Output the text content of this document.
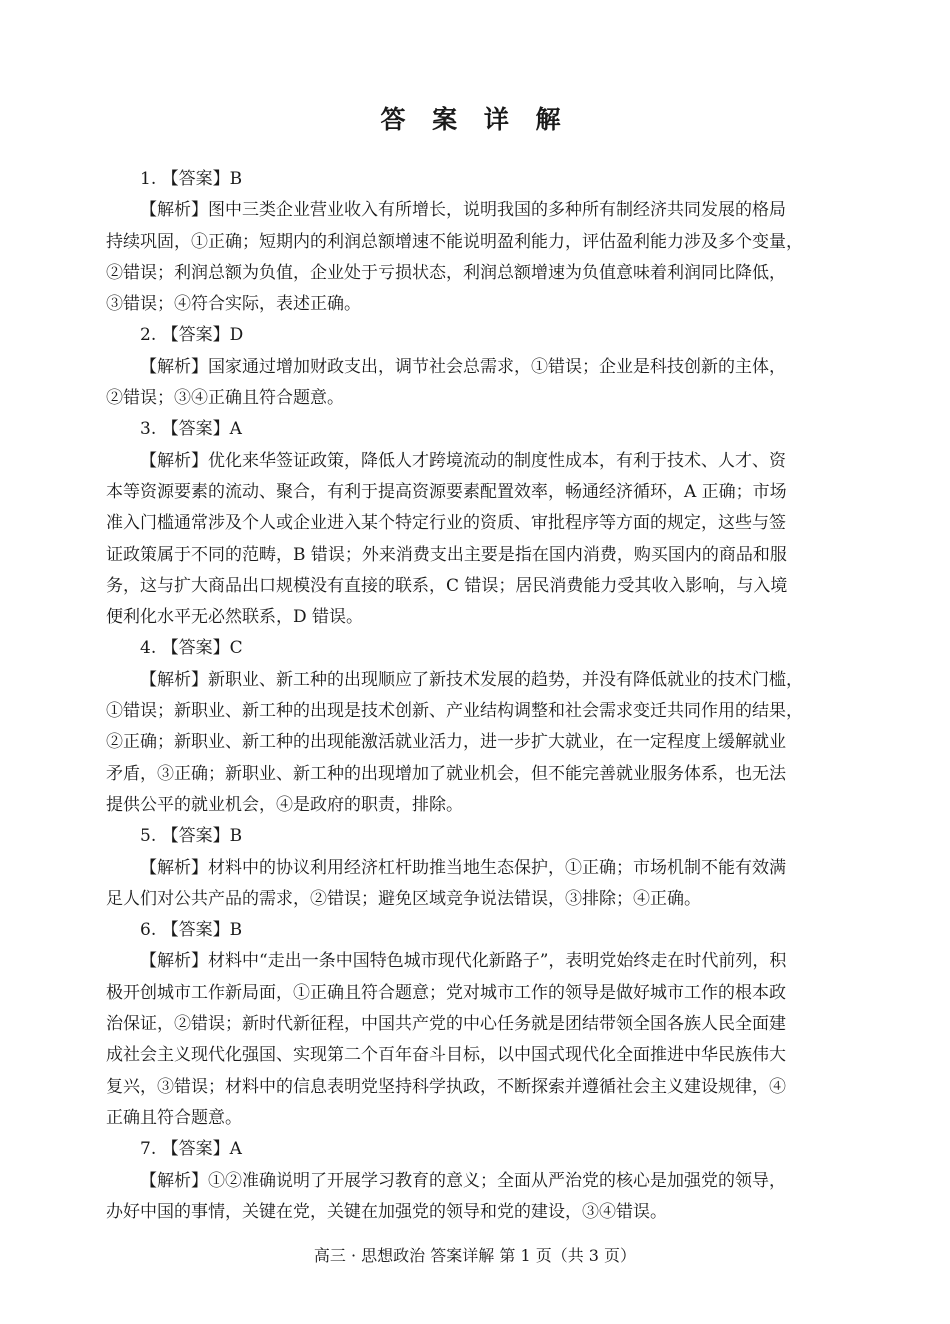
答 案 详 解
1. 【答案】B
【解析】图中三类企业营业收入有所增长，说明我国的多种所有制经济共同发展的格局
持续巩固，①正确；短期内的利润总额增速不能说明盈利能力，评估盈利能力涉及多个变量，
②错误；利润总额为负值，企业处于亏损状态，利润总额增速为负值意味着利润同比降低，
③错误；④符合实际，表述正确。
2. 【答案】D
【解析】国家通过增加财政支出，调节社会总需求，①错误；企业是科技创新的主体，
②错误；③④正确且符合题意。
3. 【答案】A
【解析】优化来华签证政策，降低人才跨境流动的制度性成本，有利于技术、人才、资
本等资源要素的流动、聚合，有利于提高资源要素配置效率，畅通经济循环，A 正确；市场
准入门槛通常涉及个人或企业进入某个特定行业的资质、审批程序等方面的规定，这些与签
证政策属于不同的范畴，B 错误；外来消费支出主要是指在国内消费，购买国内的商品和服
务，这与扩大商品出口规模没有直接的联系，C 错误；居民消费能力受其收入影响，与入境
便利化水平无必然联系，D 错误。
4. 【答案】C
【解析】新职业、新工种的出现顺应了新技术发展的趋势，并没有降低就业的技术门槛，
①错误；新职业、新工种的出现是技术创新、产业结构调整和社会需求变迁共同作用的结果，
②正确；新职业、新工种的出现能激活就业活力，进一步扩大就业，在一定程度上缓解就业
矛盾，③正确；新职业、新工种的出现增加了就业机会，但不能完善就业服务体系，也无法
提供公平的就业机会，④是政府的职责，排除。
5. 【答案】B
【解析】材料中的协议利用经济杠杆助推当地生态保护，①正确；市场机制不能有效满
足人们对公共产品的需求，②错误；避免区域竞争说法错误，③排除；④正确。
6. 【答案】B
【解析】材料中“走出一条中国特色城市现代化新路子”，表明党始终走在时代前列，积
极开创城市工作新局面，①正确且符合题意；党对城市工作的领导是做好城市工作的根本政
治保证，②错误；新时代新征程，中国共产党的中心任务就是团结带领全国各族人民全面建
成社会主义现代化强国、实现第二个百年奋斗目标，以中国式现代化全面推进中华民族伟大
复兴，③错误；材料中的信息表明党坚持科学执政，不断探索并遵循社会主义建设规律，④
正确且符合题意。
7. 【答案】A
【解析】①②准确说明了开展学习教育的意义；全面从严治党的核心是加强党的领导，
办好中国的事情，关键在党，关键在加强党的领导和党的建设，③④错误。
高三 · 思想政治 答案详解 第 1 页（共 3 页）
